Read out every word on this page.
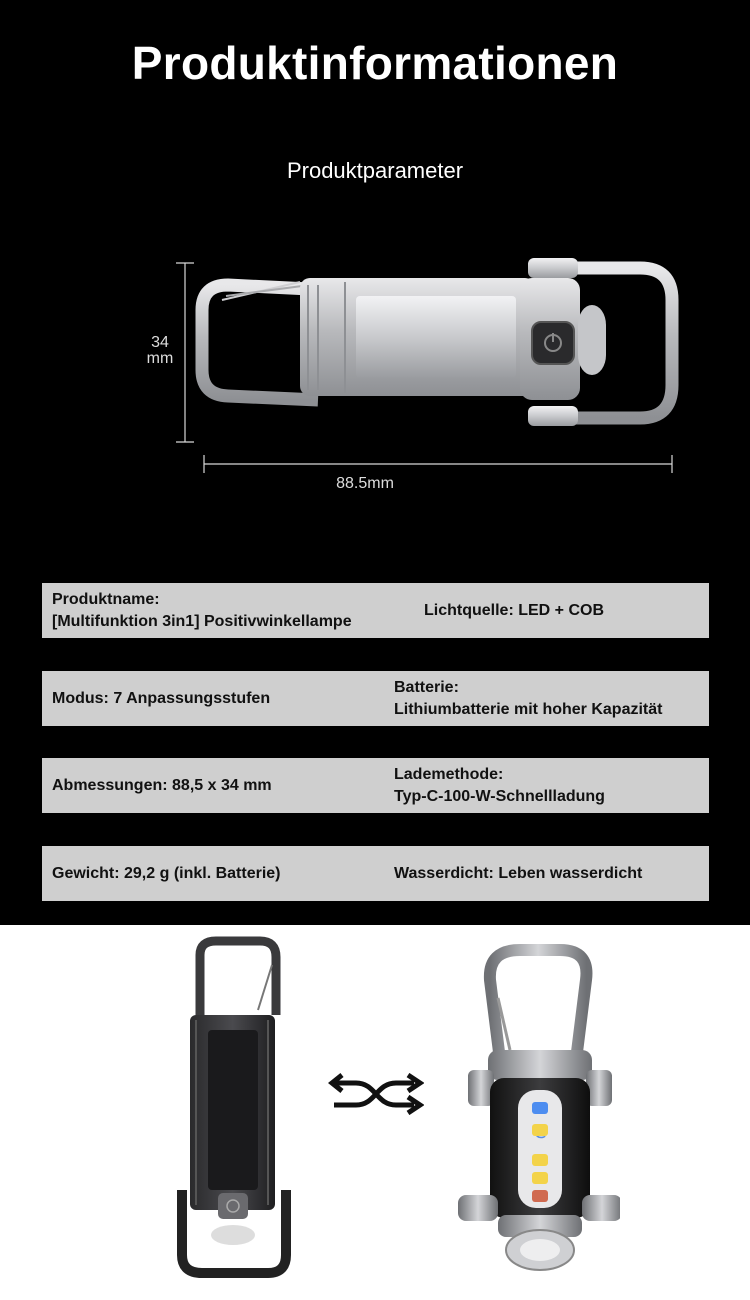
Produktinformationen
Produktparameter
34
mm
88.5mm
Produktname:
[Multifunktion 3in1] Positivwinkellampe
Lichtquelle: LED + COB
Modus: 7 Anpassungsstufen
Batterie:
Lithiumbatterie mit hoher Kapazität
Abmessungen: 88,5 x 34 mm
Lademethode:
Typ-C-100-W-Schnellladung
Gewicht: 29,2 g (inkl. Batterie)	Wasserdicht: Leben wasserdicht
